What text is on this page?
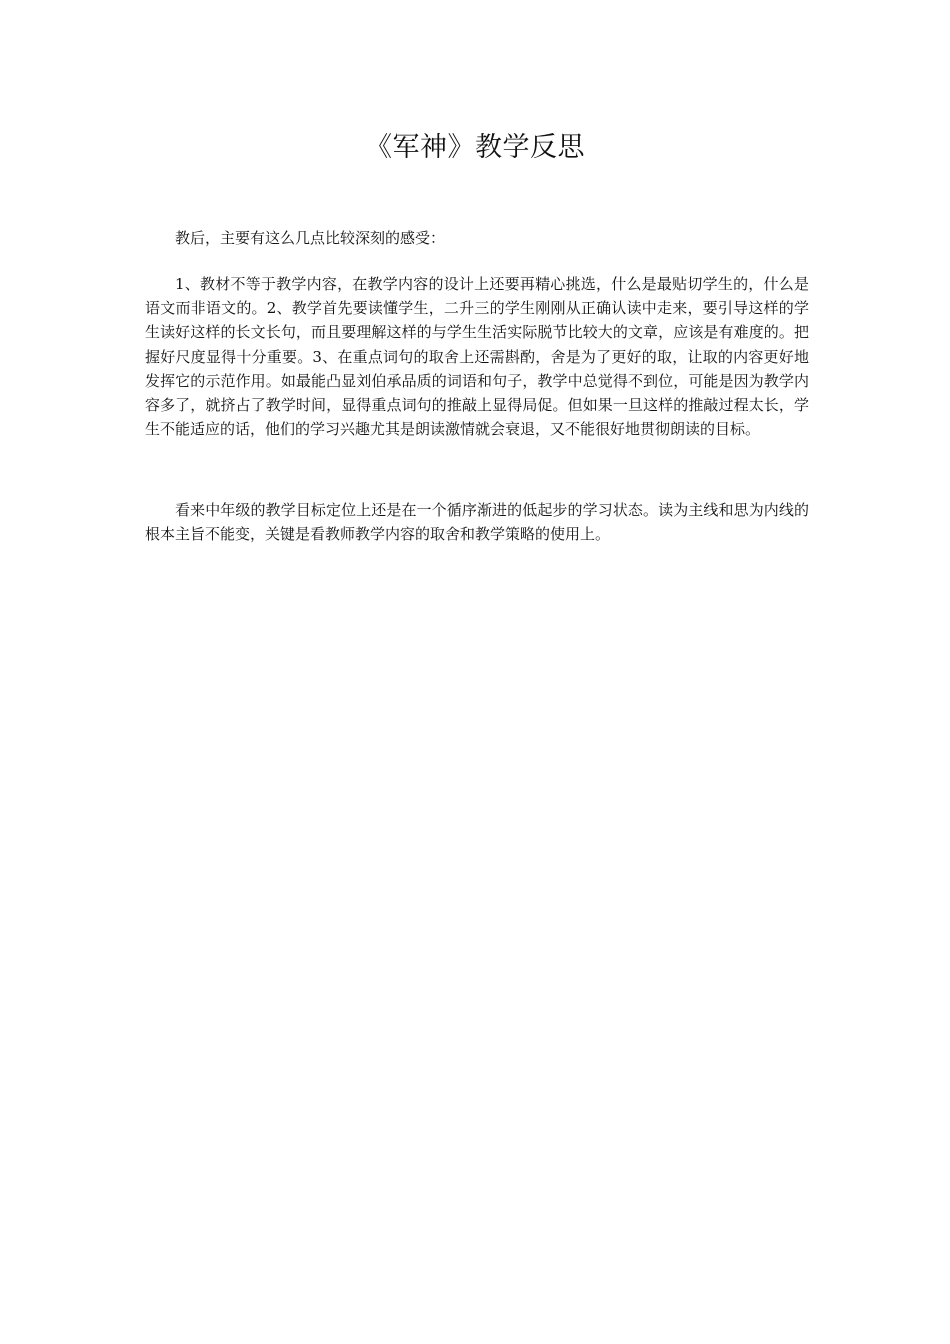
《军神》教学反思

教后，主要有这么几点比较深刻的感受：

1、教材不等于教学内容，在教学内容的设计上还要再精心挑选，什么是最贴切学生的，什么是语文而非语文的。2、教学首先要读懂学生，二升三的学生刚刚从正确认读中走来，要引导这样的学生读好这样的长文长句，而且要理解这样的与学生生活实际脱节比较大的文章，应该是有难度的。把握好尺度显得十分重要。3、在重点词句的取舍上还需斟酌，舍是为了更好的取，让取的内容更好地发挥它的示范作用。如最能凸显刘伯承品质的词语和句子，教学中总觉得不到位，可能是因为教学内容多了，就挤占了教学时间，显得重点词句的推敲上显得局促。但如果一旦这样的推敲过程太长，学生不能适应的话，他们的学习兴趣尤其是朗读激情就会衰退，又不能很好地贯彻朗读的目标。

看来中年级的教学目标定位上还是在一个循序渐进的低起步的学习状态。读为主线和思为内线的根本主旨不能变，关键是看教师教学内容的取舍和教学策略的使用上。
